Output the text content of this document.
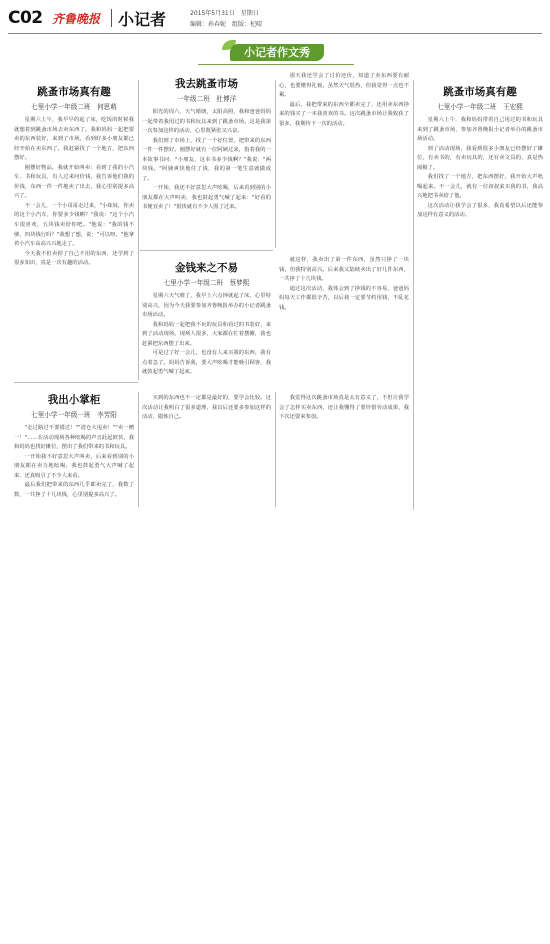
C02 齐鲁晚报 小记者	2015年5月31日　星期日
编辑：孙春妮　组版：杞晴
小记者作文秀
跳蚤市场真有趣
七里小学一年级二班　何思萌

星期六上午，我早早的起了床，吃饭的时候我就想着到跳蚤市场去卖东西了。我和妈妈一起把要卖的东西装好，来到了市场。看到好多小朋友都已经开始在卖东西了，我赶紧找了一个地方，把东西摆好。

刚摆好物品，我就开始叫卖：看到了我的小汽车、书和玩具，有人过来问价钱，我告诉他们我的价钱，东西一件一件地卖了出去，我心里别提多高兴了。

不一会儿，一个小哥哥走过来，"小妹妹，你卖的这个小汽车，你要多少钱啊？"我说："这个小汽车很喜欢，五块钱卖给你吧。"他说："我的钱不够，四块钱行吗？"我想了想，说："可以呀。"他拿着小汽车高高兴兴地走了。

今天我不但卖掉了自己不用的东西，还学到了很多知识，真是一次有趣的活动。

我出小掌柜
七里小学一年级一班　李芳阳

"走过路过不要错过！""清仓大甩卖！""卖一赠一！"……在活动现场各种吆喝的声音此起彼伏，我和妈妈也找好摊位，摆出了我们带来的书和玩具。

一开始我不好意思大声叫卖，后来看到别的小朋友都在卖力地吆喝，我也鼓起勇气大声喊了起来，还真吸引了不少人来看。

最后我们把带来的东西几乎都卖完了，我数了数，一共挣了十几块钱，心里别提多高兴了。

我去跳蚤市场
一年级二班　杜博洋

阳光的周六，天气晴朗，太阳高照，我和爸爸妈妈一起带着我用过的书和玩具来到了跳蚤市场。这是我第一次参加这样的活动，心里既紧张又兴奋。

我们到了市场上，找了一个好位置，把带来的东西一件一件摆好。刚摆好就有一位阿姨过来，指着我的一本故事书问："小朋友，这本书多少钱啊？"我说："两块钱。"阿姨爽快地付了钱，我的第一笔生意就做成了。

一开始，我还不好意思大声吆喝，后来看到别的小朋友都在大声叫卖，我也鼓起勇气喊了起来："好看的书便宜卖了！"很快就有不少人围了过来。

那天我还学会了讨价还价，知道了卖东西要有耐心，也要懂得礼貌。虽然天气很热，但我觉得一点也不累。

最后，我把带来的东西全都卖完了，还用卖东西挣来的钱买了一本我喜欢的书。这次跳蚤市场让我收获了很多，我期待下一次的活动。

金钱来之不易
七里小学一年级二班　蔡梦熙

星期六天气晴了，我早上六点钟就起了床，心里特别高兴，因为今天我要参加齐鲁晚报举办的小记者跳蚤市场活动。

我和妈妈一起把我不玩的玩具和看过的书装好，来到了活动现场。现场人很多，大家都在忙着摆摊，我也赶紧把东西摆了出来。

可是过了好一会儿，也没有人来买我的东西，我有点着急了。妈妈告诉我，要大声吆喝才能吸引顾客，我就鼓起勇气喊了起来。

就这样，我卖出了第一件东西，虽然只挣了一块钱，但我特别高兴。后来我又陆续卖出了好几件东西，一共挣了十几块钱。

通过这次活动，我体会到了挣钱的不容易，爸爸妈妈每天工作都很辛苦，以后我一定要节约用钱，不乱花钱。

买到的东西也不一定都是最好的，要学会比较。这次活动让我明白了很多道理，我以后还要多参加这样的活动，锻炼自己。

我觉得这次跳蚤市场真是太有意义了，不但让我学会了怎样买卖东西，还让我懂得了要珍惜劳动成果，我下次还要来参加。

跳蚤市场真有趣
七里小学一年级二班　王宏熙

星期六上午，我和妈妈带着自己用过的书和玩具来到了跳蚤市场，参加齐鲁晚报小记者举办的跳蚤市场活动。

到了活动现场，我看到很多小朋友已经摆好了摊位，有卖书的，有卖玩具的，还有卖文具的，真是热闹极了。

我们找了一个地方，把东西摆好，我开始大声吆喝起来。不一会儿，就有一位叔叔来买我的书，我高兴地把书卖给了他。

这次活动让我学会了很多，我真希望以后还能参加这样有意义的活动。
